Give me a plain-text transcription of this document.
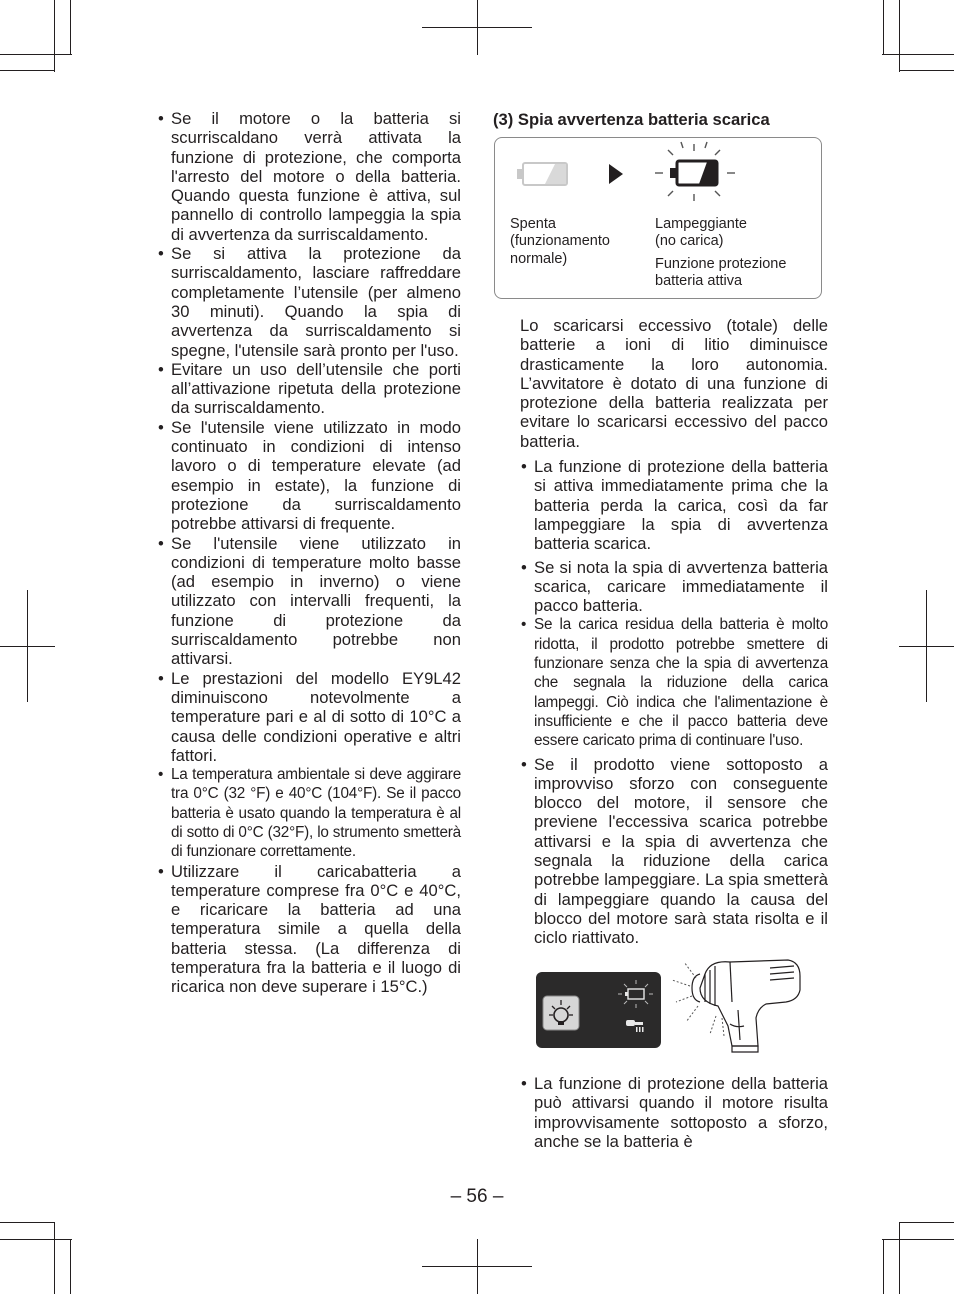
• Se il motore o la batteria si scurriscaldano verrà attivata la funzione di protezione, che comporta l'arresto del motore o della batteria. Quando questa funzione è attiva, sul pannello di controllo lampeggia la spia di avvertenza da surriscaldamento.

• Se si attiva la protezione da surriscaldamento, lasciare raffreddare completamente l’utensile (per almeno 30 minuti). Quando la spia di avvertenza da surriscaldamento si spegne, l'utensile sarà pronto per l'uso.

• Evitare un uso dell’utensile che porti all’attivazione ripetuta della protezione da surriscaldamento.

• Se l'utensile viene utilizzato in modo continuato in condizioni di intenso lavoro o di temperature elevate (ad esempio in estate), la funzione di protezione da surriscaldamento potrebbe attivarsi di frequente.

• Se l'utensile viene utilizzato in condizioni di temperature molto basse (ad esempio in inverno) o viene utilizzato con intervalli frequenti, la funzione di protezione da surriscaldamento potrebbe non attivarsi.

• Le prestazioni del modello EY9L42 diminuiscono notevolmente a temperature pari e al di sotto di 10°C a causa delle condizioni operative e altri fattori.

• La temperatura ambientale si deve aggirare tra 0°C (32 °F) e 40°C (104°F). Se il pacco batteria è usato quando la temperatura è al di sotto di 0°C (32°F), lo strumento smetterà di funzionare correttamente.

• Utilizzare il caricabatteria a temperature comprese fra 0°C e 40°C, e ricaricare la batteria ad una temperatura simile a quella della batteria stessa. (La differenza di temperatura fra la batteria e il luogo di ricarica non deve superare i 15°C.)

(3) Spia avvertenza batteria scarica
Spenta
(funzionamento
normale)
Lampeggiante
(no carica)
Funzione protezione
batteria attiva

Lo scaricarsi eccessivo (totale) delle batterie a ioni di litio diminuisce drasticamente la loro autonomia. L’avvitatore è dotato di una funzione di protezione della batteria realizzata per evitare lo scaricarsi eccessivo del pacco batteria.

• La funzione di protezione della batteria si attiva immediatamente prima che la batteria perda la carica, così da far lampeggiare la spia di avvertenza batteria scarica.

• Se si nota la spia di avvertenza batteria scarica, caricare immediatamente il pacco batteria.

• Se la carica residua della batteria è molto ridotta, il prodotto potrebbe smettere di funzionare senza che la spia di avvertenza che segnala la riduzione della carica lampeggi. Ciò indica che l'alimentazione è insufficiente e che il pacco batteria deve essere caricato prima di continuare l'uso.

• Se il prodotto viene sottoposto a improvviso sforzo con conseguente blocco del motore, il sensore che previene l'eccessiva scarica potrebbe attivarsi e la spia di avvertenza che segnala la riduzione della carica potrebbe lampeggiare. La spia smetterà di lampeggiare quando la causa del blocco del motore sarà stata risolta e il ciclo riattivato.

• La funzione di protezione della batteria può attivarsi quando il motore risulta improvvisamente sottoposto a sforzo, anche se la batteria è

– 56 –
